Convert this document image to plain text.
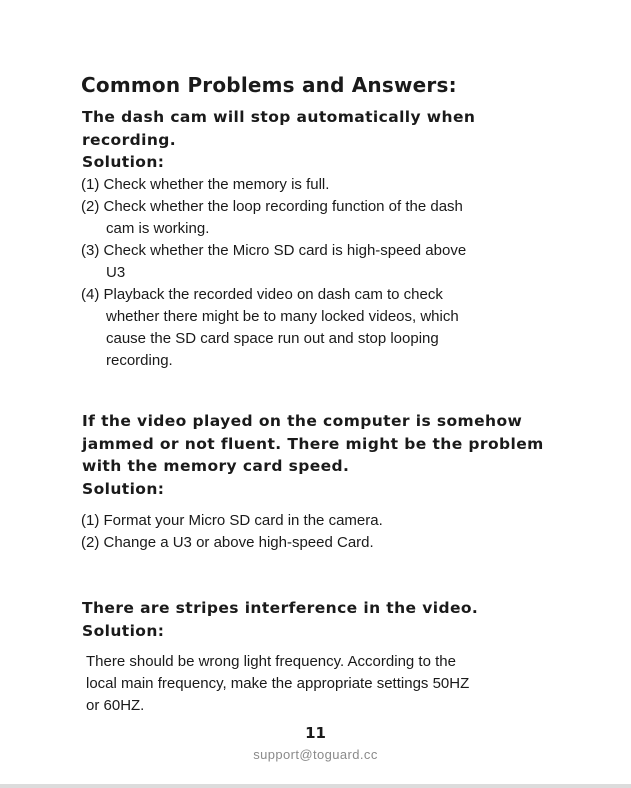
Common Problems and Answers:
The dash cam will stop automatically when
recording.
Solution:
(1) Check whether the memory is full.
(2) Check whether the loop recording function of the dash
cam is working.
(3) Check whether the Micro SD card is high-speed above
U3
(4) Playback the recorded video on dash cam to check
whether there might be to many locked videos, which
cause the SD card space run out and stop looping
recording.
If the video played on the computer is somehow
jammed or not fluent. There might be the problem
with the memory card speed.
Solution:
(1) Format your Micro SD card in the camera.
(2) Change a U3 or above high-speed Card.
There are stripes interference in the video.
Solution:
There should be wrong light frequency. According to the
local main frequency, make the appropriate settings 50HZ
or 60HZ.
11
support@toguard.cc
